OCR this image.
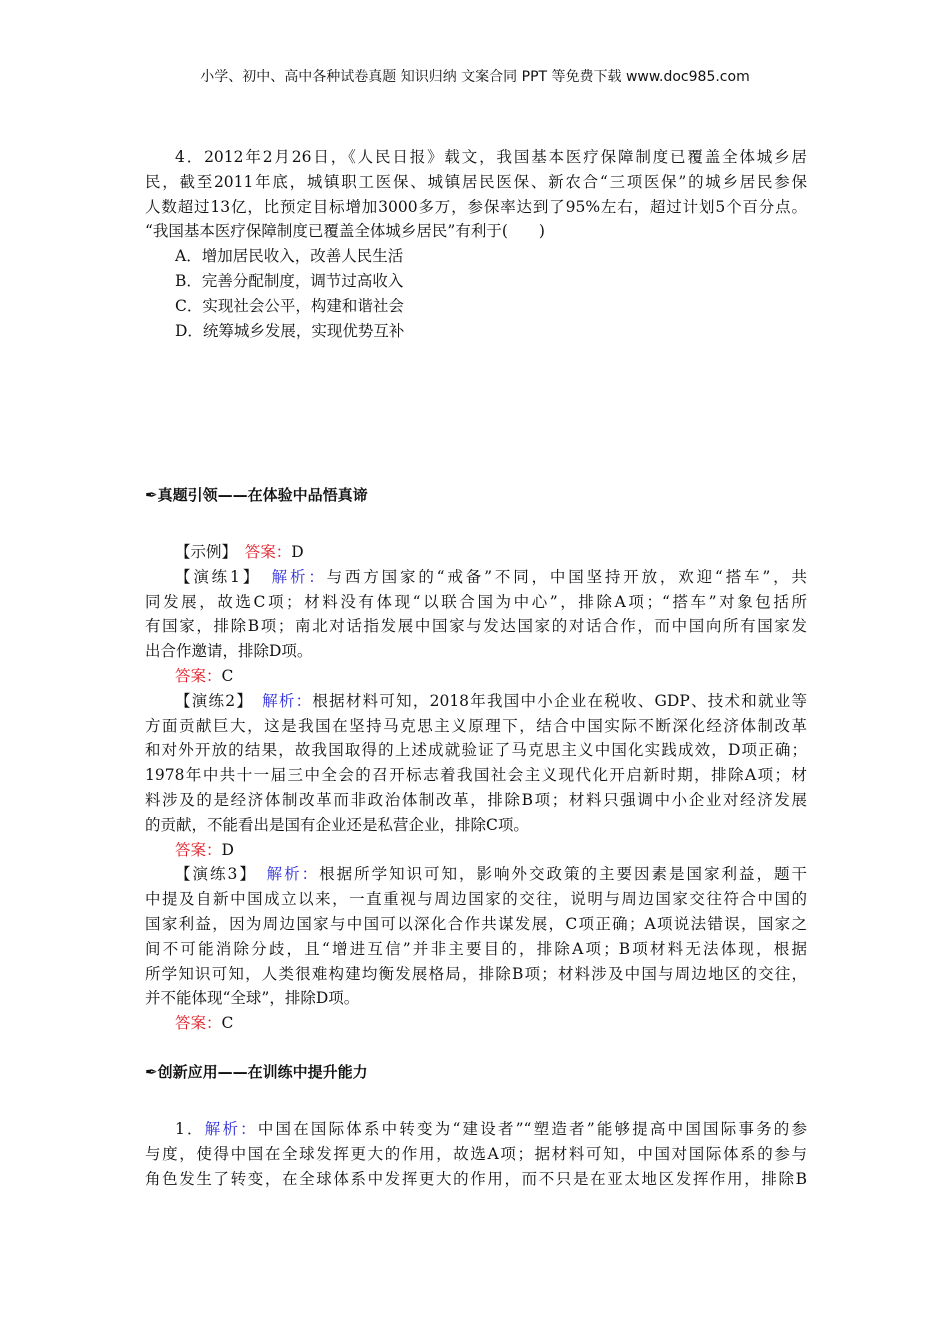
小学、初中、高中各种试卷真题 知识归纳 文案合同 PPT 等免费下载 www.doc985.com
4．2012年2月26日，《人民日报》载文，我国基本医疗保障制度已覆盖全体城乡居
民，截至2011年底，城镇职工医保、城镇居民医保、新农合“三项医保”的城乡居民参保
人数超过13亿，比预定目标增加3000多万，参保率达到了95%左右，超过计划5个百分点。
“我国基本医疗保障制度已覆盖全体城乡居民”有利于(　　)
A．增加居民收入，改善人民生活
B．完善分配制度，调节过高收入
C．实现社会公平，构建和谐社会
D．统筹城乡发展，实现优势互补
✒真题引领——在体验中品悟真谛
【示例】　答案：D
【演练1】　解析：与西方国家的“戒备”不同，中国坚持开放，欢迎“搭车”，共
同发展，故选C项；材料没有体现“以联合国为中心”，排除A项；“搭车”对象包括所
有国家，排除B项；南北对话指发展中国家与发达国家的对话合作，而中国向所有国家发
出合作邀请，排除D项。
答案：C
【演练2】　解析：根据材料可知，2018年我国中小企业在税收、GDP、技术和就业等
方面贡献巨大，这是我国在坚持马克思主义原理下，结合中国实际不断深化经济体制改革
和对外开放的结果，故我国取得的上述成就验证了马克思主义中国化实践成效，D项正确；
1978年中共十一届三中全会的召开标志着我国社会主义现代化开启新时期，排除A项；材
料涉及的是经济体制改革而非政治体制改革，排除B项；材料只强调中小企业对经济发展
的贡献，不能看出是国有企业还是私营企业，排除C项。
答案：D
【演练3】　解析：根据所学知识可知，影响外交政策的主要因素是国家利益，题干
中提及自新中国成立以来，一直重视与周边国家的交往，说明与周边国家交往符合中国的
国家利益，因为周边国家与中国可以深化合作共谋发展，C项正确；A项说法错误，国家之
间不可能消除分歧，且“增进互信”并非主要目的，排除A项；B项材料无法体现，根据
所学知识可知，人类很难构建均衡发展格局，排除B项；材料涉及中国与周边地区的交往，
并不能体现“全球”，排除D项。
答案：C
✒创新应用——在训练中提升能力
1．解析：中国在国际体系中转变为“建设者”“塑造者”能够提高中国国际事务的参
与度，使得中国在全球发挥更大的作用，故选A项；据材料可知，中国对国际体系的参与
角色发生了转变，在全球体系中发挥更大的作用，而不只是在亚太地区发挥作用，排除B
